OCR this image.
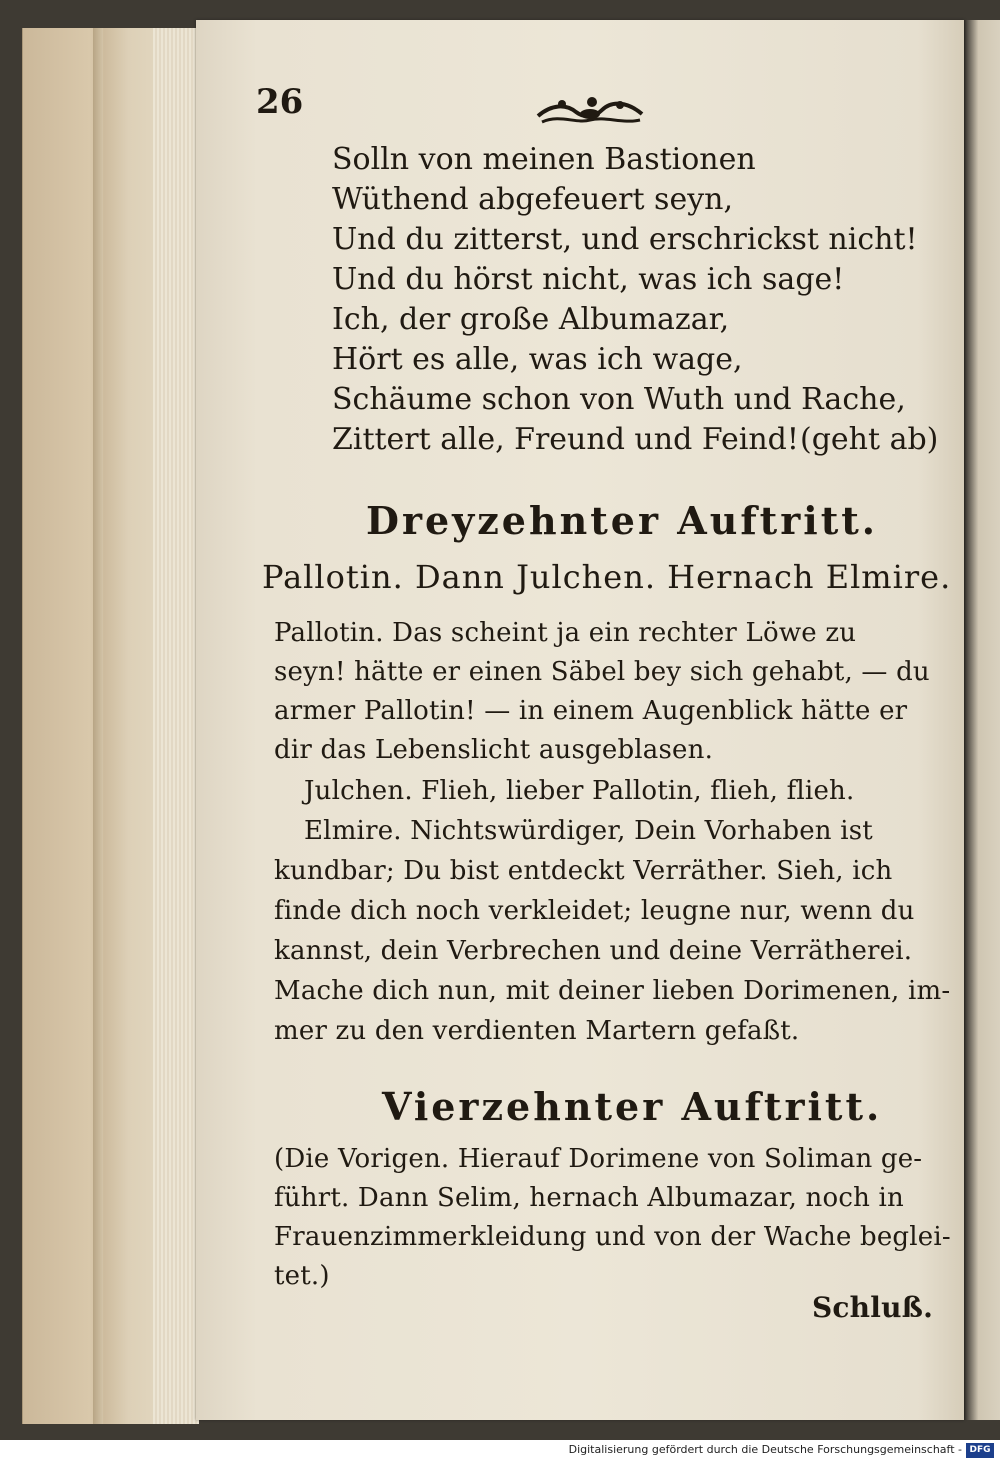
26
Solln von meinen Bastionen
Wüthend abgefeuert seyn,
Und du zitterst, und erschrickst nicht!
Und du hörst nicht, was ich sage!
Ich, der große Albumazar,
Hört es alle, was ich wage,
Schäume schon von Wuth und Rache,
Zittert alle, Freund und Feind! (geht ab)
Dreyzehnter Auftritt.
Pallotin. Dann Julchen. Hernach Elmire.
Pallotin. Das scheint ja ein rechter Löwe zu
seyn! hätte er einen Säbel bey sich gehabt, — du
armer Pallotin! — in einem Augenblick hätte er
dir das Lebenslicht ausgeblasen.
Julchen. Flieh, lieber Pallotin, flieh, flieh.
Elmire. Nichtswürdiger, Dein Vorhaben ist
kundbar; Du bist entdeckt Verräther. Sieh, ich
finde dich noch verkleidet; leugne nur, wenn du
kannst, dein Verbrechen und deine Verrätherei.
Mache dich nun, mit deiner lieben Dorimenen, im-
mer zu den verdienten Martern gefaßt.
Vierzehnter Auftritt.
(Die Vorigen. Hierauf Dorimene von Soliman ge-
führt. Dann Selim, hernach Albumazar, noch in
Frauenzimmerkleidung und von der Wache beglei-
tet.)
Schluß.
Digitalisierung gefördert durch die Deutsche Forschungsgemeinschaft - DFG
